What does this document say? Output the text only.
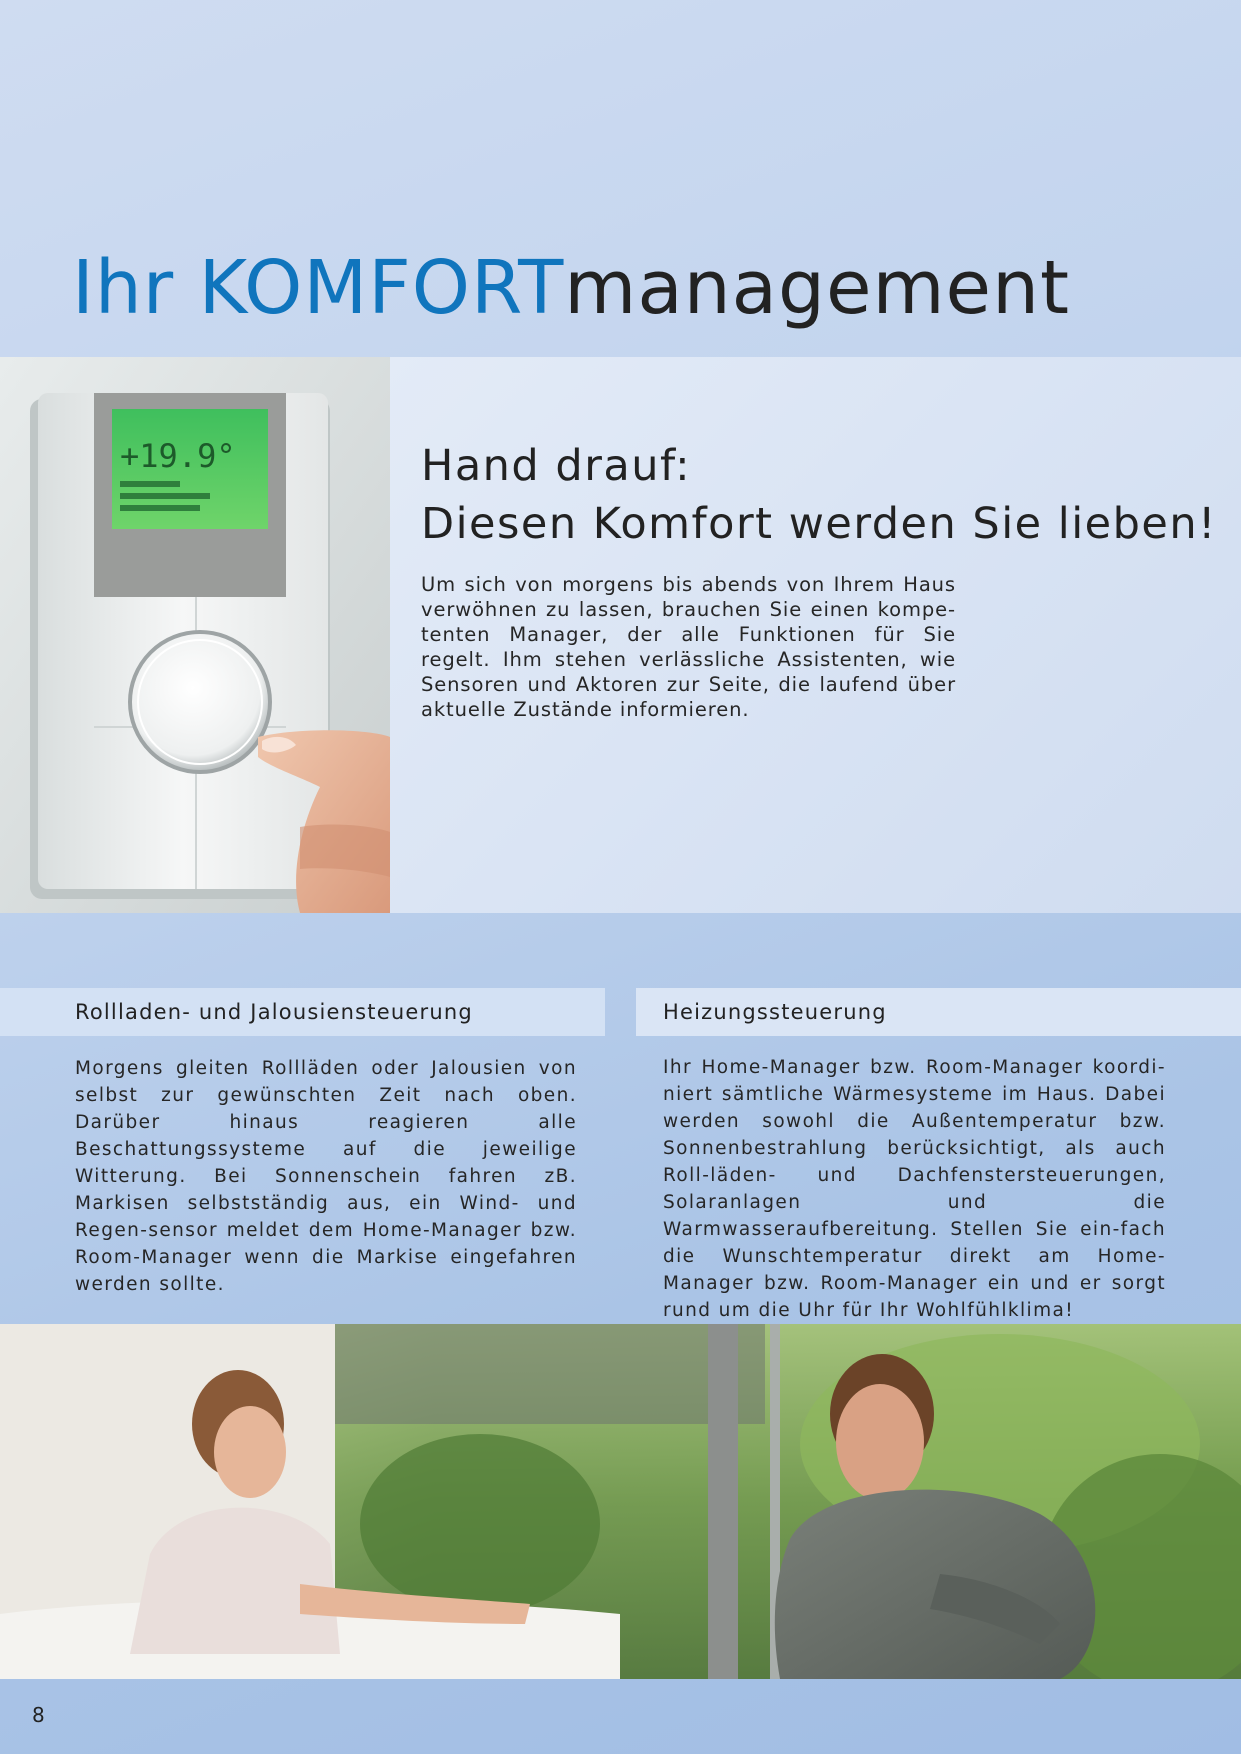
Ihr KOMFORTmanagement
+19.9°	Hand drauf:
Diesen Komfort werden Sie lieben!

Um sich von morgens bis abends von Ihrem Haus verwöhnen zu lassen, brauchen Sie einen kompe-tenten Manager, der alle Funktionen für Sie regelt. Ihm stehen verlässliche Assistenten, wie Sensoren und Aktoren zur Seite, die laufend über aktuelle Zustände informieren.

Rollladen- und Jalousiensteuerung	Heizungssteuerung

Morgens gleiten Rollläden oder Jalousien von selbst zur gewünschten Zeit nach oben. Darüber hinaus reagieren alle Beschattungssysteme auf die jeweilige Witterung. Bei Sonnenschein fahren zB. Markisen selbstständig aus, ein Wind- und Regen-sensor meldet dem Home-Manager bzw. Room-Manager wenn die Markise eingefahren werden sollte.

Ihr Home-Manager bzw. Room-Manager koordi-niert sämtliche Wärmesysteme im Haus. Dabei werden sowohl die Außentemperatur bzw. Sonnenbestrahlung berücksichtigt, als auch Roll-läden- und Dachfenstersteuerungen, Solaranlagen und die Warmwasseraufbereitung. Stellen Sie ein-fach die Wunschtemperatur direkt am Home-Manager bzw. Room-Manager ein und er sorgt rund um die Uhr für Ihr Wohlfühlklima!

8
